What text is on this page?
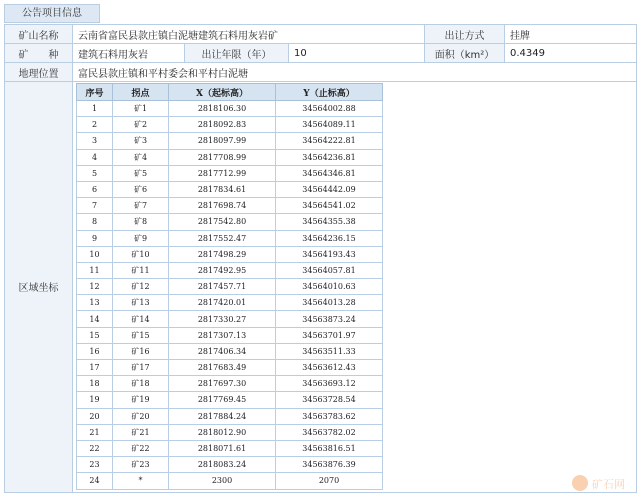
公告项目信息
矿山名称	云南省富民县款庄镇白泥塘建筑石料用灰岩矿	出让方式	挂牌
矿　　种	建筑石料用灰岩	出让年限（年）	10	面积（km²）	0.4349
地理位置	富民县款庄镇和平村委会和平村白泥塘
区域坐标	
序号	拐点	X（起标高）	Y（止标高）
1	矿1	2818106.30	34564002.88
2	矿2	2818092.83	34564089.11
3	矿3	2818097.99	34564222.81
4	矿4	2817708.99	34564236.81
5	矿5	2817712.99	34564346.81
6	矿6	2817834.61	34564442.09
7	矿7	2817698.74	34564541.02
8	矿8	2817542.80	34564355.38
9	矿9	2817552.47	34564236.15
10	矿10	2817498.29	34564193.43
11	矿11	2817492.95	34564057.81
12	矿12	2817457.71	34564010.63
13	矿13	2817420.01	34564013.28
14	矿14	2817330.27	34563873.24
15	矿15	2817307.13	34563701.97
16	矿16	2817406.34	34563511.33
17	矿17	2817683.49	34563612.43
18	矿18	2817697.30	34563693.12
19	矿19	2817769.45	34563728.54
20	矿20	2817884.24	34563783.62
21	矿21	2818012.90	34563782.02
22	矿22	2818071.61	34563816.51
23	矿23	2818083.24	34563876.39
24	*	2300	2070	矿石网
